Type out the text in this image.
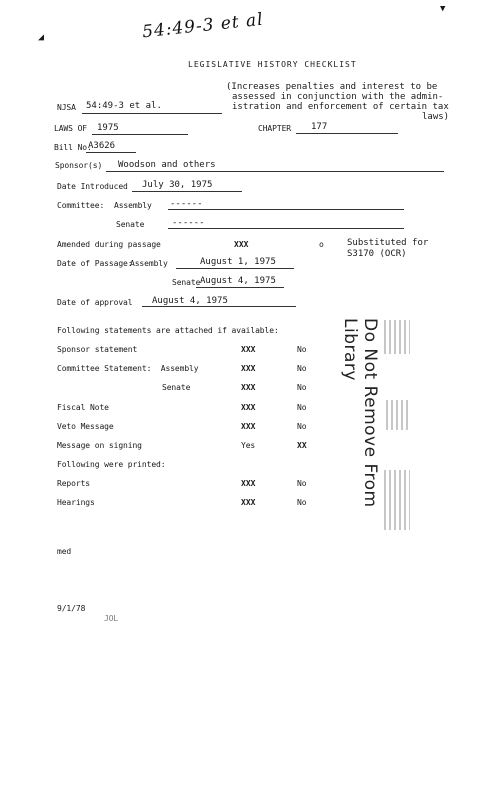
54:49-3 et al
◢
▼
LEGISLATIVE HISTORY CHECKLIST
(Increases penalties and interest to be
assessed in conjunction with the admin-
istration and enforcement of certain tax
laws)
NJSA 54:49-3 et al.
LAWS OF 1975	CHAPTER 177
Bill No.
A3626
Sponsor(s) Woodson and others
Date Introduced July 30, 1975
Committee: Assembly ------
Senate	------
Amended during passage	XXX	o	Substituted for
S3170 (OCR)
Date of Passage:
Assembly	August 1, 1975
Senate August 4, 1975
Date of approval August 4, 1975
Following statements are attached if available:
Sponsor statement	XXX	No
Committee Statement:  Assembly	XXX	No
Senate	XXX	No
Fiscal Note	XXX	No
Veto Message	XXX	No
Message on signing	Yes	XX
Following were printed:
Reports	XXX	No
Hearings	XXX	No	Do Not Remove From Library
med
9/1/78
JOL
